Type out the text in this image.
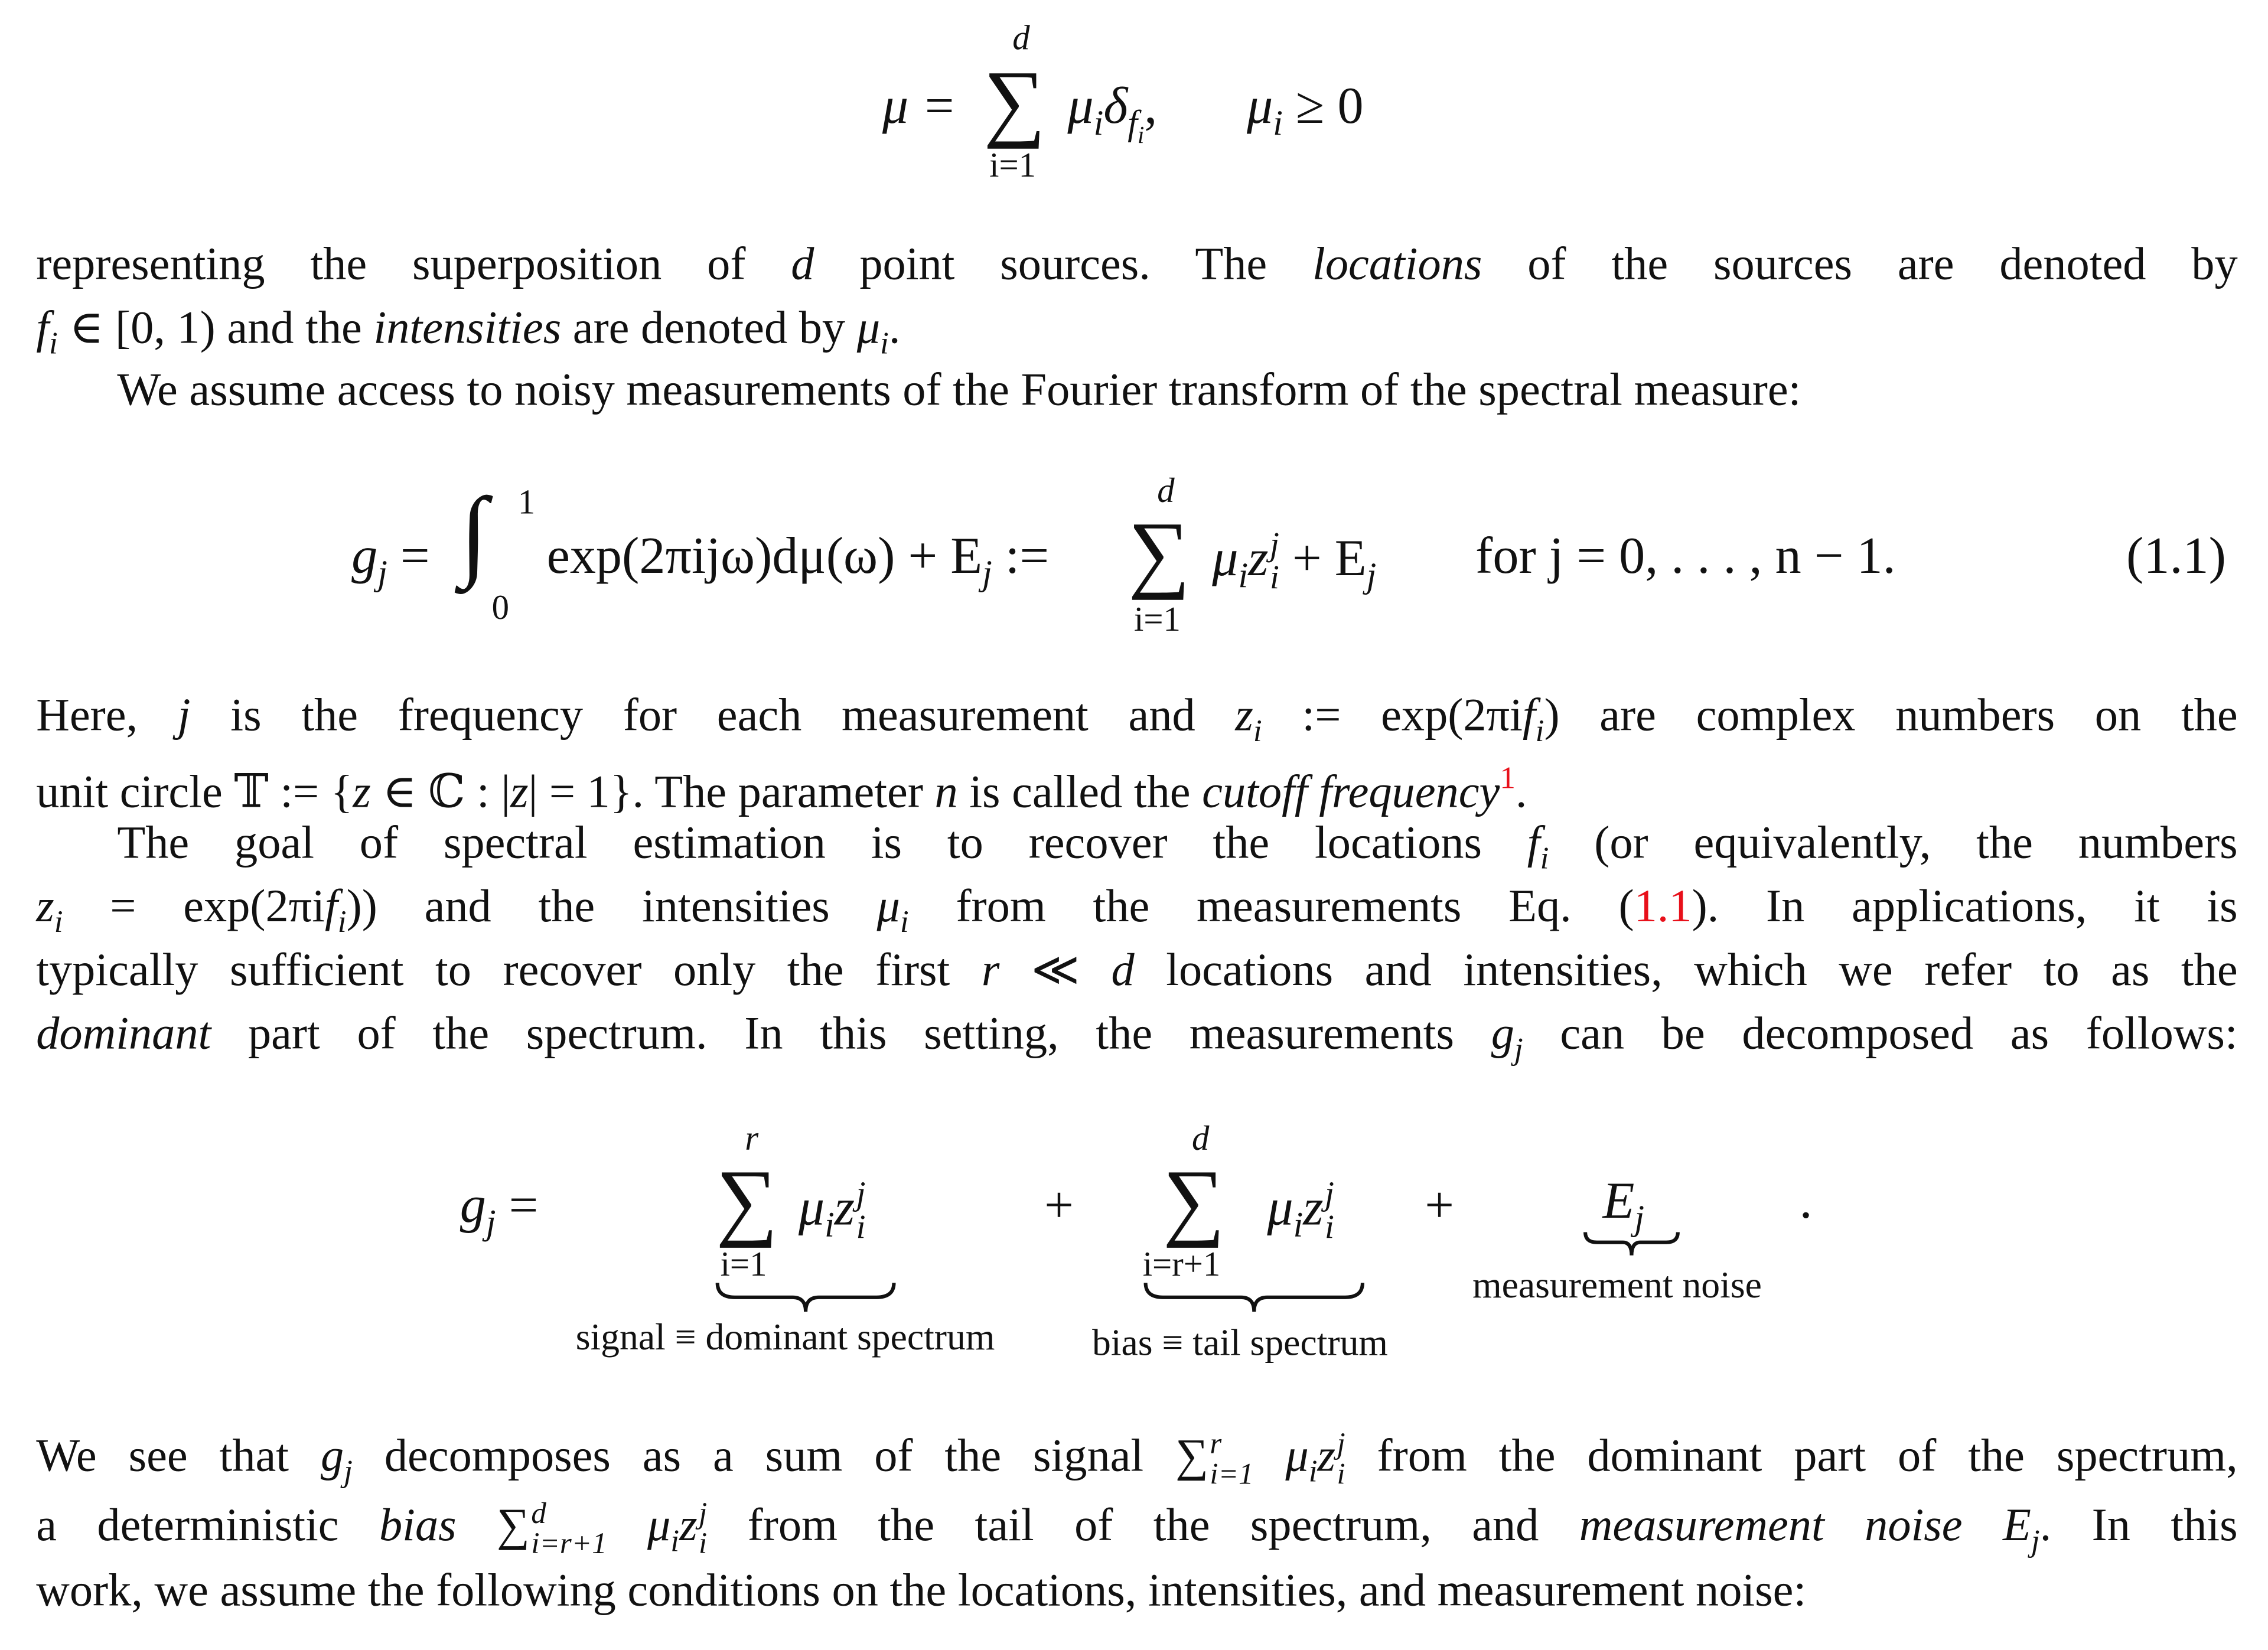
μ =
d
∑
i=1
$\mu_i\delta_{f_i}$,	$\mu_i \ge 0$
representing the superposition of d point sources. The locations of the sources are denoted by
$f_i$ ∈ [0, 1) and the intensities are denoted by $\mu_i$.
We assume access to noisy measurements of the Fourier transform of the spectral measure:
Here, j is the frequency for each measurement and $z_i$ := exp(2πif$_i$) are complex numbers on the
unit circle 𝕋 := {z ∈ ℂ : |z| = 1}. The parameter n is called the cutoff frequency$^1$.
The goal of spectral estimation is to recover the locations $f_i$ (or equivalently, the numbers
$z_i = \exp(2\pi if_i)$) and the intensities $\mu_i$ from the measurements Eq. (1.1). In applications, it is
typically sufficient to recover only the first r ≪ d locations and intensities, which we refer to as the
dominant part of the spectrum. In this setting, the measurements $g_j$ can be decomposed as follows:
We see that $g_j$ decomposes as a sum of the signal ∑ r
i=1 $\mu_iz$ j
i from the dominant part of the spectrum,
a deterministic bias ∑ d
i=r+1 $\mu_iz$ j
i from the tail of the spectrum, and measurement noise $E_j$. In this
work, we assume the following conditions on the locations, intensities, and measurement noise:
$g_j$ = ∫ 1
0
$\exp(2\pi ij\omega)d\mu(\omega) + E_j$ :=
d
∑
i=1
$\mu_iz$ j
$i + E_j$	for j = 0, . . . , n − 1.	(1.1)
$g_j$ =
r
∑
i=1
$\mu_iz$ j
i
signal ≡ dominant spectrum
+
d
∑
i=r+1
$\mu_iz$ j
i
bias ≡ tail spectrum
+	$E_j$
measurement noise
.
